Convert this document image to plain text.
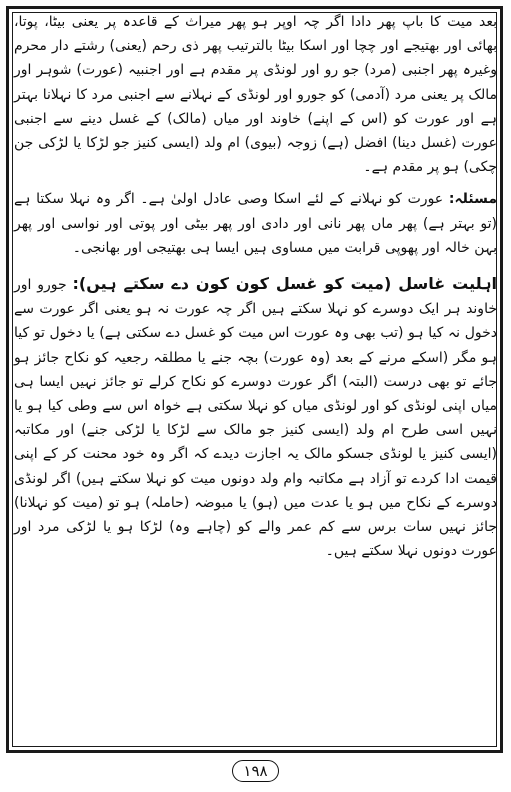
بعد میت کا باپ پھر دادا اگر چہ اوپر ہو پھر میراث کے قاعدہ پر یعنی بیٹا، پوتا، بھائی اور بھتیجے اور چچا اور اسکا بیٹا بالترتیب پھر ذی رحم (یعنی) رشتے دار محرم وغیرہ پھر اجنبی (مرد) جو رو اور لونڈی پر مقدم ہے اور اجنبیہ (عورت) شوہر اور مالک پر یعنی مرد (آدمی) کو جورو اور لونڈی کے نہلانے سے اجنبی مرد کا نہلانا بہتر ہے اور عورت کو (اس کے اپنے) خاوند اور میاں (مالک) کے غسل دینے سے اجنبی عورت (غسل دینا) افضل (ہے) زوجہ (بیوی) ام ولد (ایسی کنیز جو لڑکا یا لڑکی جن چکی) ہو پر مقدم ہے۔

مسئلہ: عورت کو نہلانے کے لئے اسکا وصی عادل اولیٰ ہے۔ اگر وہ نہلا سکتا ہے (تو بہتر ہے) پھر ماں پھر نانی اور دادی اور پھر بیٹی اور پوتی اور نواسی اور پھر بہن خالہ اور پھوپی قرابت میں مساوی ہیں ایسا ہی بھتیجی اور بھانجی۔

اہلیت غاسل (میت کو غسل کون کون دے سکتے ہیں): جورو اور خاوند ہر ایک دوسرے کو نہلا سکتے ہیں اگر چہ عورت نہ ہو یعنی اگر عورت سے دخول نہ کیا ہو (تب بھی وہ عورت اس میت کو غسل دے سکتی ہے) یا دخول تو کیا ہو مگر (اسکے مرنے کے بعد (وہ عورت) بچہ جنے یا مطلقہ رجعیہ کو نکاح جائز ہو جائے تو بھی درست (البتہ) اگر عورت دوسرے کو نکاح کرلے تو جائز نہیں ایسا ہی میاں اپنی لونڈی کو اور لونڈی میاں کو نہلا سکتی ہے خواہ اس سے وطی کیا ہو یا نہیں اسی طرح ام ولد (ایسی کنیز جو مالک سے لڑکا یا لڑکی جنے) اور مکاتبہ (ایسی کنیز یا لونڈی جسکو مالک یہ اجازت دیدے کہ اگر وہ خود محنت کر کے اپنی قیمت ادا کردے تو آزاد ہے مکاتبہ وام ولد دونوں میت کو نہلا سکتے ہیں) اگر لونڈی دوسرے کے نکاح میں ہو یا عدت میں (ہو) یا مبوضہ (حاملہ) ہو تو (میت کو نہلانا) جائز نہیں سات برس سے کم عمر والے کو (چاہے وہ) لڑکا ہو یا لڑکی مرد اور عورت دونوں نہلا سکتے ہیں۔

۱۹۸
